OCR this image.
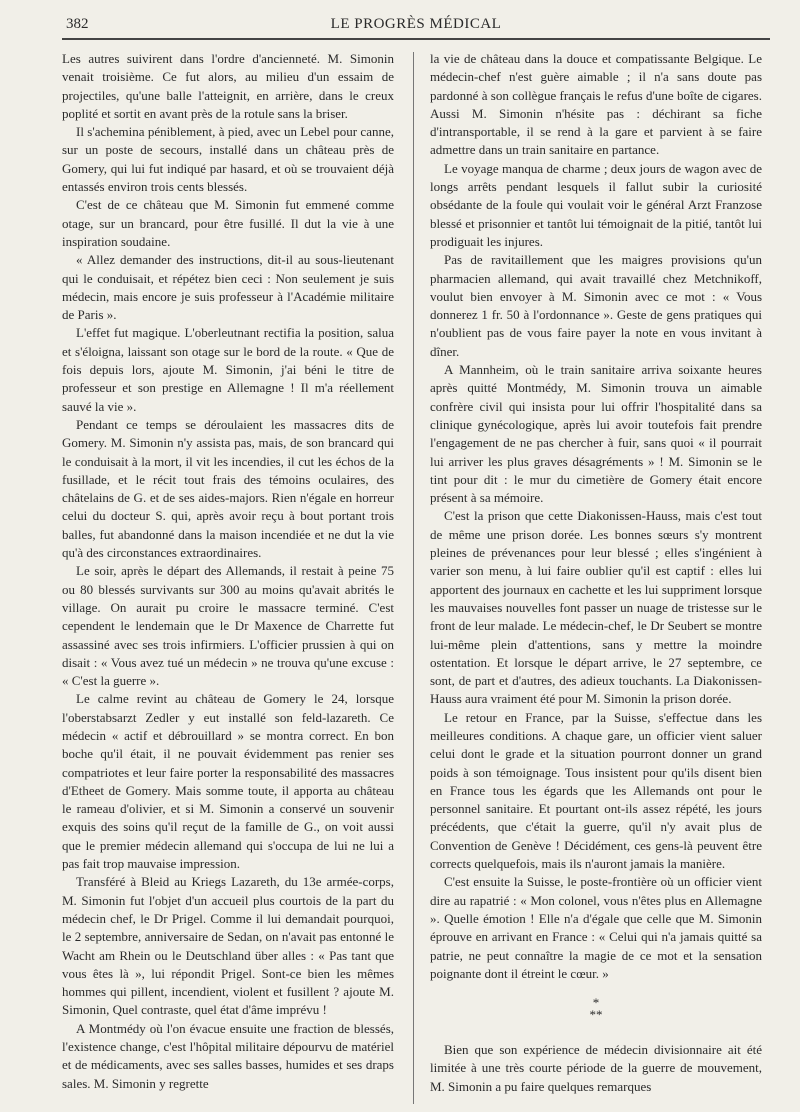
382	LE PROGRÈS MÉDICAL

Les autres suivirent dans l'ordre d'ancienneté. M. Simonin venait troisième. Ce fut alors, au milieu d'un essaim de projectiles, qu'une balle l'atteignit, en arrière, dans le creux poplité et sortit en avant près de la rotule sans la briser.

Il s'achemina péniblement, à pied, avec un Lebel pour canne, sur un poste de secours, installé dans un château près de Gomery, qui lui fut indiqué par hasard, et où se trouvaient déjà entassés environ trois cents blessés.

C'est de ce château que M. Simonin fut emmené comme otage, sur un brancard, pour être fusillé. Il dut la vie à une inspiration soudaine.

« Allez demander des instructions, dit-il au sous-lieutenant qui le conduisait, et répétez bien ceci : Non seulement je suis médecin, mais encore je suis professeur à l'Académie militaire de Paris ».

L'effet fut magique. L'oberleutnant rectifia la position, salua et s'éloigna, laissant son otage sur le bord de la route. « Que de fois depuis lors, ajoute M. Simonin, j'ai béni le titre de professeur et son prestige en Allemagne ! Il m'a réellement sauvé la vie ».

Pendant ce temps se déroulaient les massacres dits de Gomery. M. Simonin n'y assista pas, mais, de son brancard qui le conduisait à la mort, il vit les incendies, il cut les échos de la fusillade, et le récit tout frais des témoins oculaires, des châtelains de G. et de ses aides-majors. Rien n'égale en horreur celui du docteur S. qui, après avoir reçu à bout portant trois balles, fut abandonné dans la maison incendiée et ne dut la vie qu'à des circonstances extraordinaires.

Le soir, après le départ des Allemands, il restait à peine 75 ou 80 blessés survivants sur 300 au moins qu'avait abrités le village. On aurait pu croire le massacre terminé. C'est cependent le lendemain que le Dr Maxence de Charrette fut assassiné avec ses trois infirmiers. L'officier prussien à qui on disait : « Vous avez tué un médecin » ne trouva qu'une excuse : « C'est la guerre ».

Le calme revint au château de Gomery le 24, lorsque l'oberstabsarzt Zedler y eut installé son feld-lazareth. Ce médecin « actif et débrouillard » se montra correct. En bon boche qu'il était, il ne pouvait évidemment pas renier ses compatriotes et leur faire porter la responsabilité des massacres d'Etheet de Gomery. Mais somme toute, il apporta au château le rameau d'olivier, et si M. Simonin a conservé un souvenir exquis des soins qu'il reçut de la famille de G., on voit aussi que le premier médecin allemand qui s'occupa de lui ne lui a pas fait trop mauvaise impression.

Transféré à Bleid au Kriegs Lazareth, du 13e armée-corps, M. Simonin fut l'objet d'un accueil plus courtois de la part du médecin chef, le Dr Prigel. Comme il lui demandait pourquoi, le 2 septembre, anniversaire de Sedan, on n'avait pas entonné le Wacht am Rhein ou le Deutschland über alles : « Pas tant que vous êtes là », lui répondit Prigel. Sont-ce bien les mêmes hommes qui pillent, incendient, violent et fusillent ? ajoute M. Simonin, Quel contraste, quel état d'âme imprévu !

A Montmédy où l'on évacue ensuite une fraction de blessés, l'existence change, c'est l'hôpital militaire dépourvu de matériel et de médicaments, avec ses salles basses, humides et ses draps sales. M. Simonin y regrette

la vie de château dans la douce et compatissante Belgique. Le médecin-chef n'est guère aimable ; il n'a sans doute pas pardonné à son collègue français le refus d'une boîte de cigares. Aussi M. Simonin n'hésite pas : déchirant sa fiche d'intransportable, il se rend à la gare et parvient à se faire admettre dans un train sanitaire en partance.

Le voyage manqua de charme ; deux jours de wagon avec de longs arrêts pendant lesquels il fallut subir la curiosité obsédante de la foule qui voulait voir le général Arzt Franzose blessé et prisonnier et tantôt lui témoignait de la pitié, tantôt lui prodiguait les injures.

Pas de ravitaillement que les maigres provisions qu'un pharmacien allemand, qui avait travaillé chez Metchnikoff, voulut bien envoyer à M. Simonin avec ce mot : « Vous donnerez 1 fr. 50 à l'ordonnance ». Geste de gens pratiques qui n'oublient pas de vous faire payer la note en vous invitant à dîner.

A Mannheim, où le train sanitaire arriva soixante heures après quitté Montmédy, M. Simonin trouva un aimable confrère civil qui insista pour lui offrir l'hospitalité dans sa clinique gynécologique, après lui avoir toutefois fait prendre l'engagement de ne pas chercher à fuir, sans quoi « il pourrait lui arriver les plus graves désagréments » ! M. Simonin se le tint pour dit : le mur du cimetière de Gomery était encore présent à sa mémoire.

C'est la prison que cette Diakonissen-Hauss, mais c'est tout de même une prison dorée. Les bonnes sœurs s'y montrent pleines de prévenances pour leur blessé ; elles s'ingénient à varier son menu, à lui faire oublier qu'il est captif : elles lui apportent des journaux en cachette et les lui suppriment lorsque les mauvaises nouvelles font passer un nuage de tristesse sur le front de leur malade. Le médecin-chef, le Dr Seubert se montre lui-même plein d'attentions, sans y mettre la moindre ostentation. Et lorsque le départ arrive, le 27 septembre, ce sont, de part et d'autres, des adieux touchants. La Diakonissen-Hauss aura vraiment été pour M. Simonin la prison dorée.

Le retour en France, par la Suisse, s'effectue dans les meilleures conditions. A chaque gare, un officier vient saluer celui dont le grade et la situation pourront donner un grand poids à son témoignage. Tous insistent pour qu'ils disent bien en France tous les égards que les Allemands ont pour le personnel sanitaire. Et pourtant ont-ils assez répété, les jours précédents, que c'était la guerre, qu'il n'y avait plus de Convention de Genève ! Décidément, ces gens-là peuvent être corrects quelquefois, mais ils n'auront jamais la manière.

C'est ensuite la Suisse, le poste-frontière où un officier vient dire au rapatrié : « Mon colonel, vous n'êtes plus en Allemagne ». Quelle émotion ! Elle n'a d'égale que celle que M. Simonin éprouve en arrivant en France : « Celui qui n'a jamais quitté sa patrie, ne peut connaître la magie de ce mot et la sensation poignante dont il étreint le cœur. »

*
**

Bien que son expérience de médecin divisionnaire ait été limitée à une très courte période de la guerre de mouvement, M. Simonin a pu faire quelques remarques
